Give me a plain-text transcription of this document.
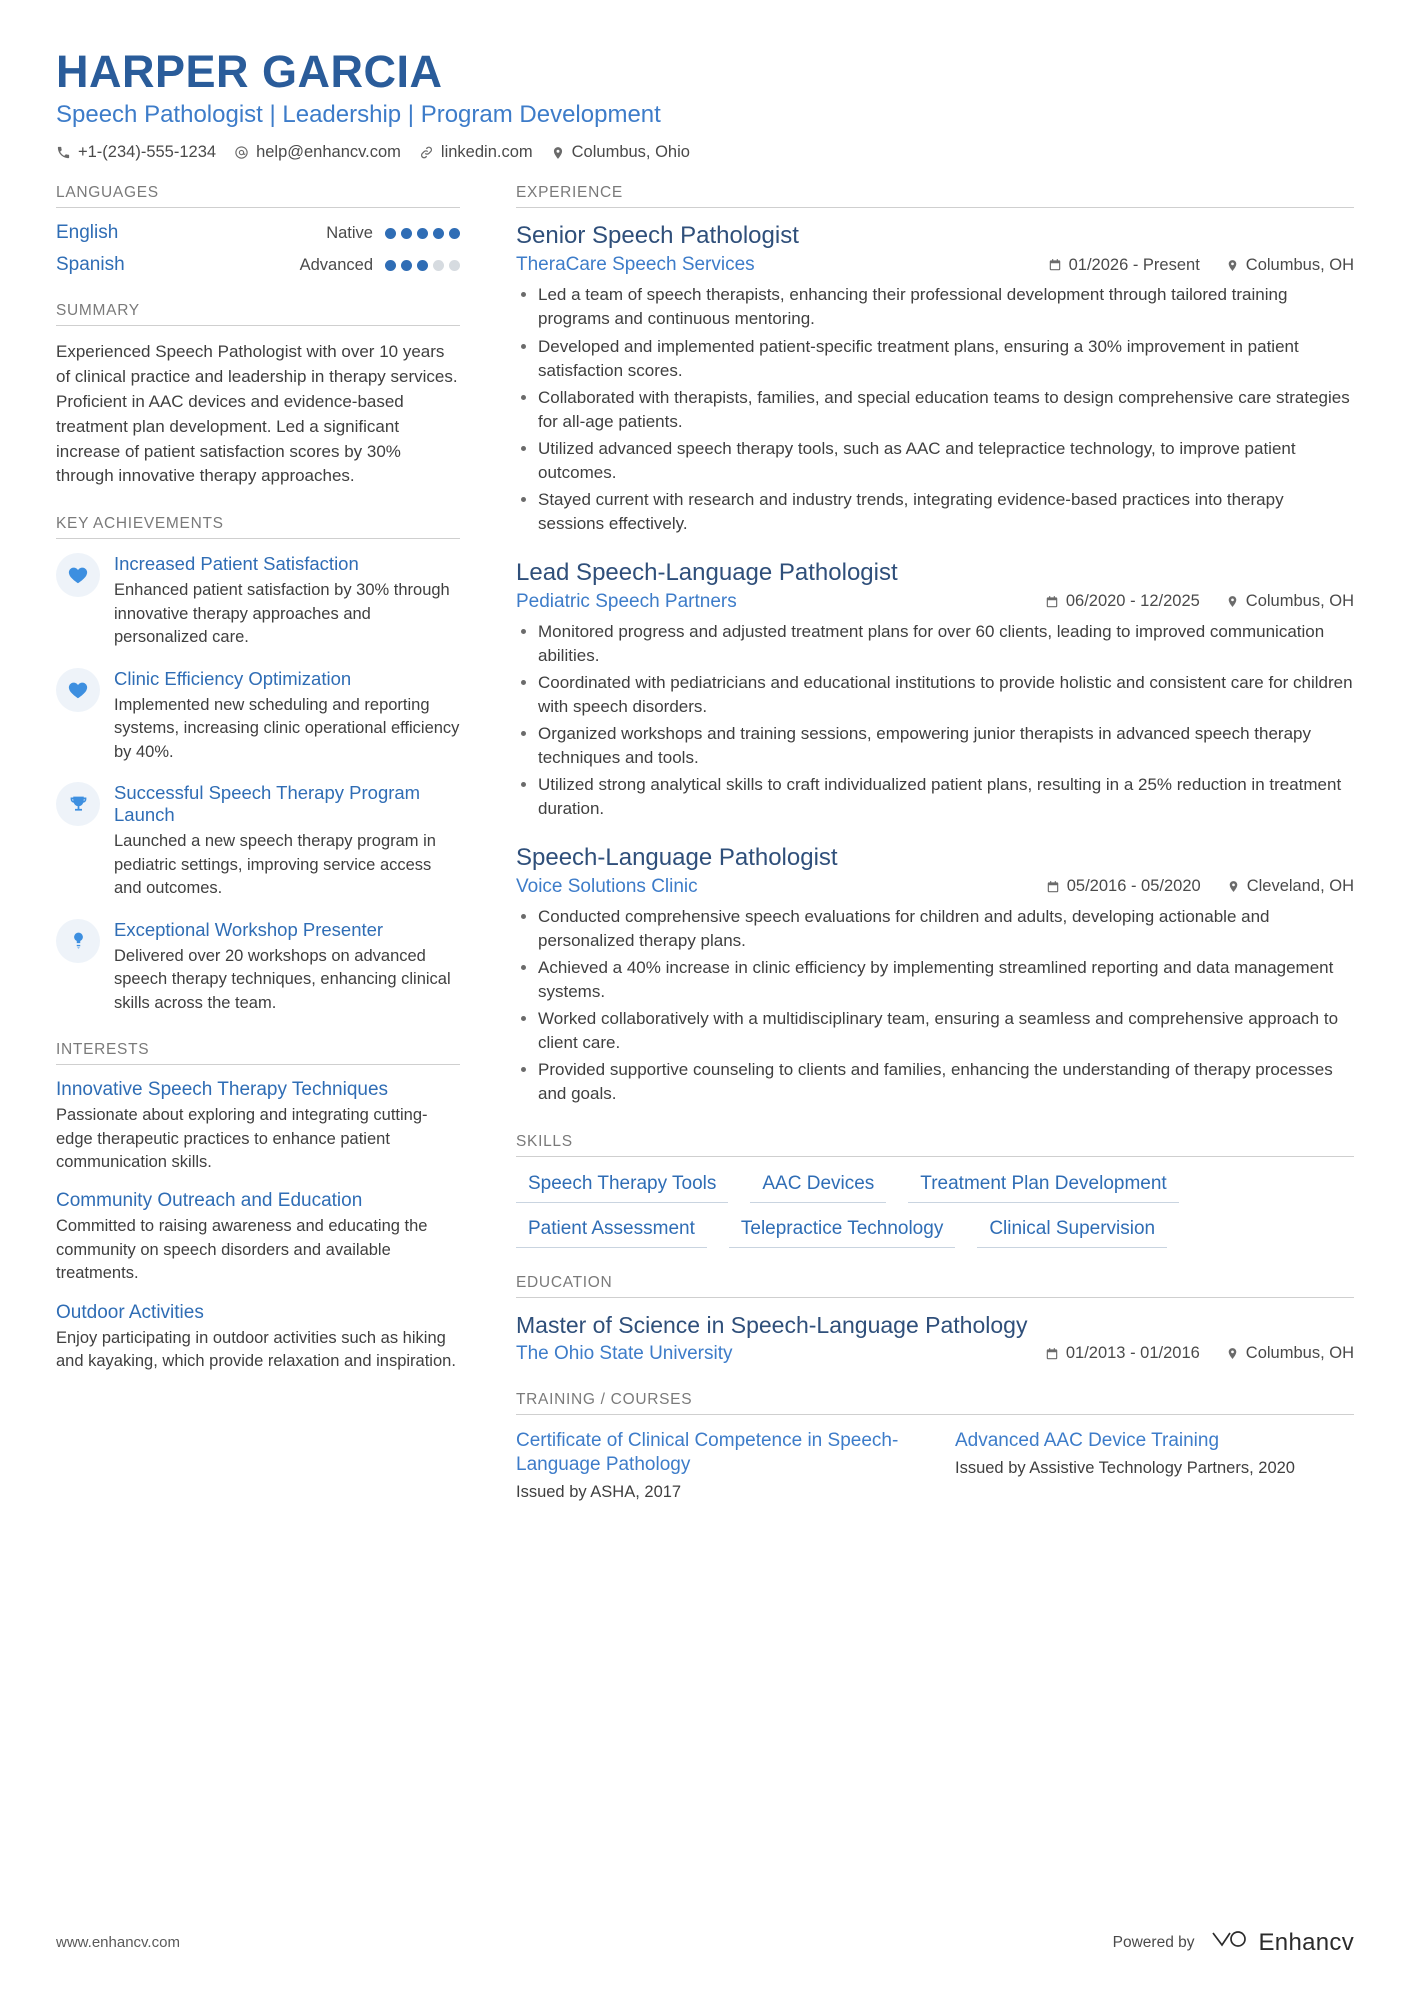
HARPER GARCIA
Speech Pathologist | Leadership | Program Development
+1-(234)-555-1234 help@enhancv.com linkedin.com Columbus, Ohio
LANGUAGES
English	Native
Spanish	Advanced
SUMMARY
Experienced Speech Pathologist with over 10 years of clinical practice and leadership in therapy services. Proficient in AAC devices and evidence-based treatment plan development. Led a significant increase of patient satisfaction scores by 30% through innovative therapy approaches.
KEY ACHIEVEMENTS
Increased Patient Satisfaction
Enhanced patient satisfaction by 30% through innovative therapy approaches and personalized care.
Clinic Efficiency Optimization
Implemented new scheduling and reporting systems, increasing clinic operational efficiency by 40%.
Successful Speech Therapy Program Launch
Launched a new speech therapy program in pediatric settings, improving service access and outcomes.
Exceptional Workshop Presenter
Delivered over 20 workshops on advanced speech therapy techniques, enhancing clinical skills across the team.
INTERESTS
Innovative Speech Therapy Techniques
Passionate about exploring and integrating cutting-edge therapeutic practices to enhance patient communication skills.
Community Outreach and Education
Committed to raising awareness and educating the community on speech disorders and available treatments.
Outdoor Activities
Enjoy participating in outdoor activities such as hiking and kayaking, which provide relaxation and inspiration.
EXPERIENCE
Senior Speech Pathologist
TheraCare Speech Services	01/2026 - Present	Columbus, OH
• Led a team of speech therapists, enhancing their professional development through tailored training programs and continuous mentoring.
• Developed and implemented patient-specific treatment plans, ensuring a 30% improvement in patient satisfaction scores.
• Collaborated with therapists, families, and special education teams to design comprehensive care strategies for all-age patients.
• Utilized advanced speech therapy tools, such as AAC and telepractice technology, to improve patient outcomes.
• Stayed current with research and industry trends, integrating evidence-based practices into therapy sessions effectively.
Lead Speech-Language Pathologist
Pediatric Speech Partners	06/2020 - 12/2025	Columbus, OH
• Monitored progress and adjusted treatment plans for over 60 clients, leading to improved communication abilities.
• Coordinated with pediatricians and educational institutions to provide holistic and consistent care for children with speech disorders.
• Organized workshops and training sessions, empowering junior therapists in advanced speech therapy techniques and tools.
• Utilized strong analytical skills to craft individualized patient plans, resulting in a 25% reduction in treatment duration.
Speech-Language Pathologist
Voice Solutions Clinic	05/2016 - 05/2020	Cleveland, OH
• Conducted comprehensive speech evaluations for children and adults, developing actionable and personalized therapy plans.
• Achieved a 40% increase in clinic efficiency by implementing streamlined reporting and data management systems.
• Worked collaboratively with a multidisciplinary team, ensuring a seamless and comprehensive approach to client care.
• Provided supportive counseling to clients and families, enhancing the understanding of therapy processes and goals.
SKILLS
Speech Therapy Tools	AAC Devices	Treatment Plan Development
Patient Assessment	Telepractice Technology	Clinical Supervision
EDUCATION
Master of Science in Speech-Language Pathology
The Ohio State University	01/2013 - 01/2016	Columbus, OH
TRAINING / COURSES
Certificate of Clinical Competence in Speech-Language Pathology
Issued by ASHA, 2017
Advanced AAC Device Training
Issued by Assistive Technology Partners, 2020
www.enhancv.com	Powered by	Enhancv
